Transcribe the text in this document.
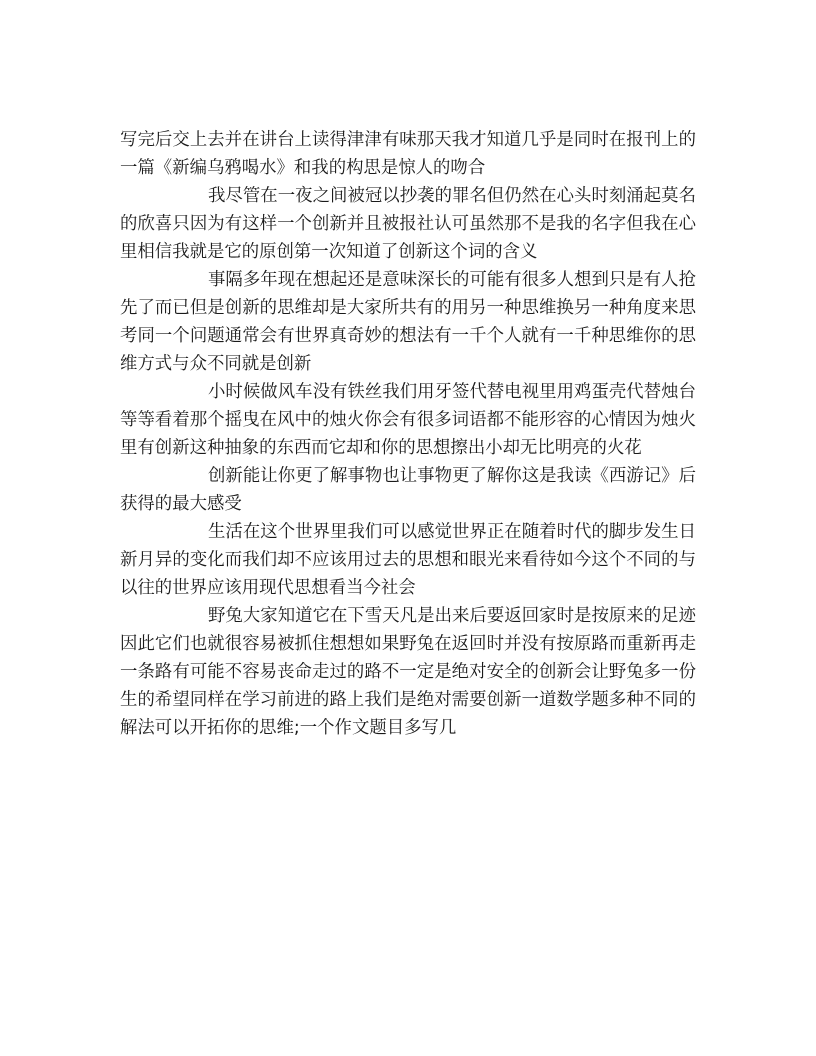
写完后交上去并在讲台上读得津津有味那天我才知道几乎是同时在报刊上的一篇《新编乌鸦喝水》和我的构思是惊人的吻合

我尽管在一夜之间被冠以抄袭的罪名但仍然在心头时刻涌起莫名的欣喜只因为有这样一个创新并且被报社认可虽然那不是我的名字但我在心里相信我就是它的原创第一次知道了创新这个词的含义

事隔多年现在想起还是意味深长的可能有很多人想到只是有人抢先了而已但是创新的思维却是大家所共有的用另一种思维换另一种角度来思考同一个问题通常会有世界真奇妙的想法有一千个人就有一千种思维你的思维方式与众不同就是创新

小时候做风车没有铁丝我们用牙签代替电视里用鸡蛋壳代替烛台等等看着那个摇曳在风中的烛火你会有很多词语都不能形容的心情因为烛火里有创新这种抽象的东西而它却和你的思想擦出小却无比明亮的火花

创新能让你更了解事物也让事物更了解你这是我读《西游记》后获得的最大感受

生活在这个世界里我们可以感觉世界正在随着时代的脚步发生日新月异的变化而我们却不应该用过去的思想和眼光来看待如今这个不同的与以往的世界应该用现代思想看当今社会

野兔大家知道它在下雪天凡是出来后要返回家时是按原来的足迹因此它们也就很容易被抓住想想如果野兔在返回时并没有按原路而重新再走一条路有可能不容易丧命走过的路不一定是绝对安全的创新会让野兔多一份生的希望同样在学习前进的路上我们是绝对需要创新一道数学题多种不同的解法可以开拓你的思维;一个作文题目多写几
